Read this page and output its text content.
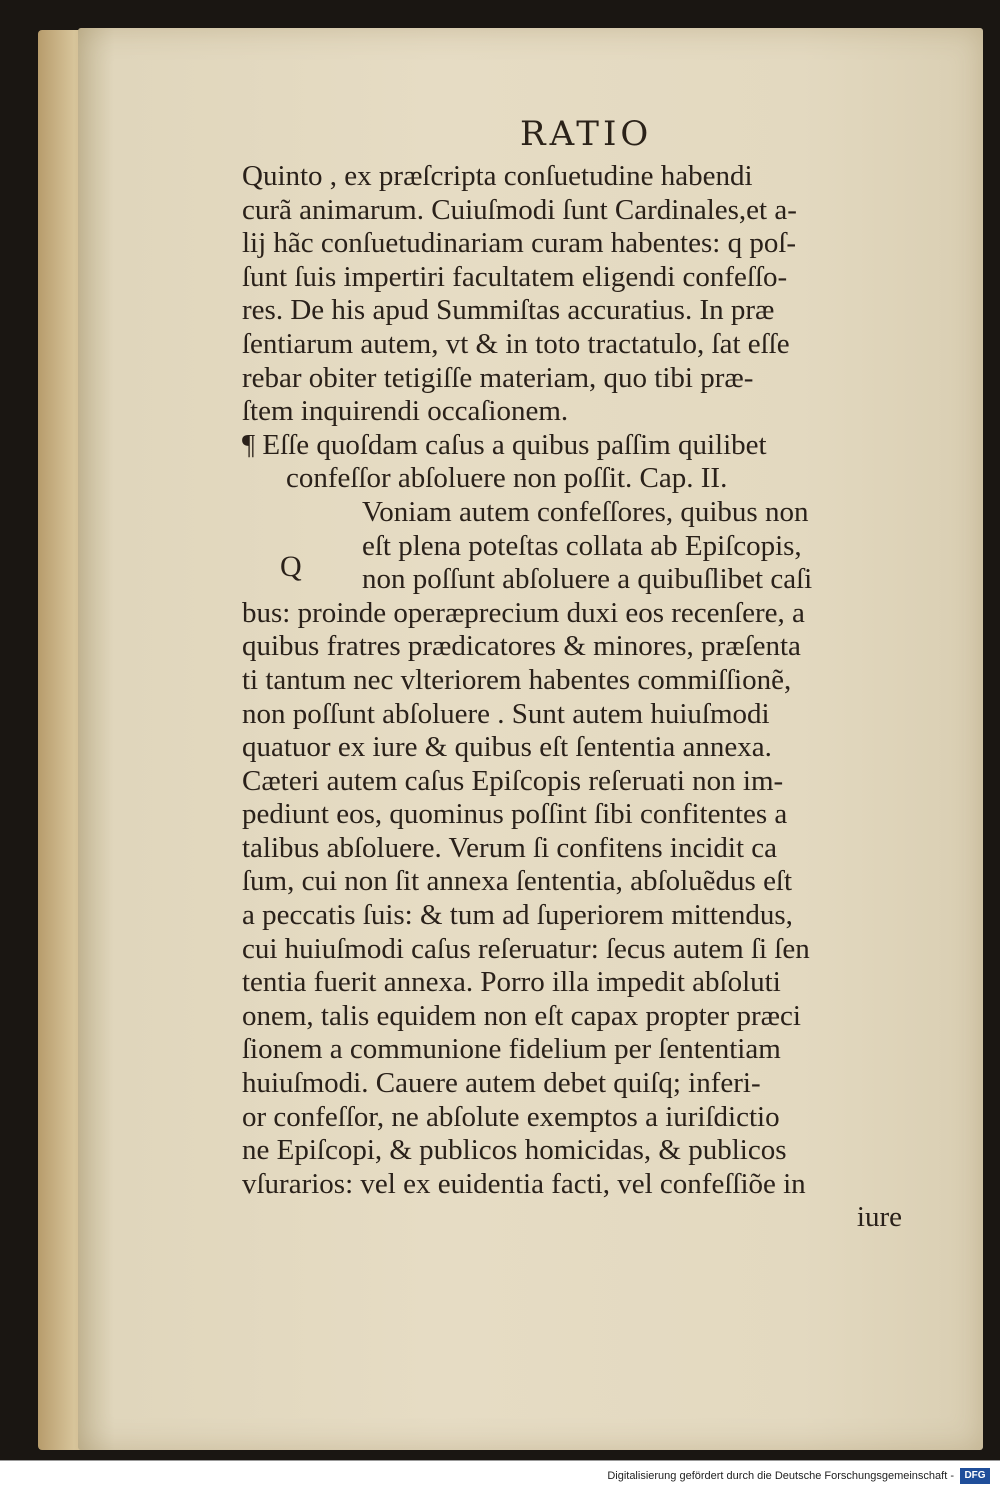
RATIO
Quinto , ex præſcripta conſuetudine habendi
curã animarum. Cuiuſmodi ſunt Cardinales,et a-
lij hãc conſuetudinariam curam habentes: q poſ-
ſunt ſuis impertiri facultatem eligendi confeſſo-
res. De his apud Summiſtas accuratius. In præ
ſentiarum autem, vt & in toto tractatulo, ſat eſſe
rebar obiter tetigiſſe materiam, quo tibi præ-
ſtem inquirendi occaſionem.
¶ Eſſe quoſdam caſus a quibus paſſim quilibet
confeſſor abſoluere non poſſit. Cap. II.
Voniam autem confeſſores, quibus non
eſt plena poteſtas collata ab Epiſcopis,
non poſſunt abſoluere a quibuſlibet caſi
bus: proinde operæprecium duxi eos recenſere, a
quibus fratres prædicatores & minores, præſenta
ti tantum nec vlteriorem habentes commiſſionẽ,
non poſſunt abſoluere . Sunt autem huiuſmodi
quatuor ex iure & quibus eſt ſententia annexa.
Cæteri autem caſus Epiſcopis reſeruati non im-
pediunt eos, quominus poſſint ſibi confitentes a
talibus abſoluere. Verum ſi confitens incidit ca
ſum, cui non ſit annexa ſententia, abſoluẽdus eſt
a peccatis ſuis: & tum ad ſuperiorem mittendus,
cui huiuſmodi caſus reſeruatur: ſecus autem ſi ſen
tentia fuerit annexa. Porro illa impedit abſoluti
onem, talis equidem non eſt capax propter præci
ſionem a communione fidelium per ſententiam
huiuſmodi. Cauere autem debet quiſq; inferi-
or confeſſor, ne abſolute exemptos a iuriſdictio
ne Epiſcopi, & publicos homicidas, & publicos
vſurarios: vel ex euidentia facti, vel confeſſiõe in
iure
Q
Digitalisierung gefördert durch die Deutsche Forschungsgemeinschaft -	DFG
